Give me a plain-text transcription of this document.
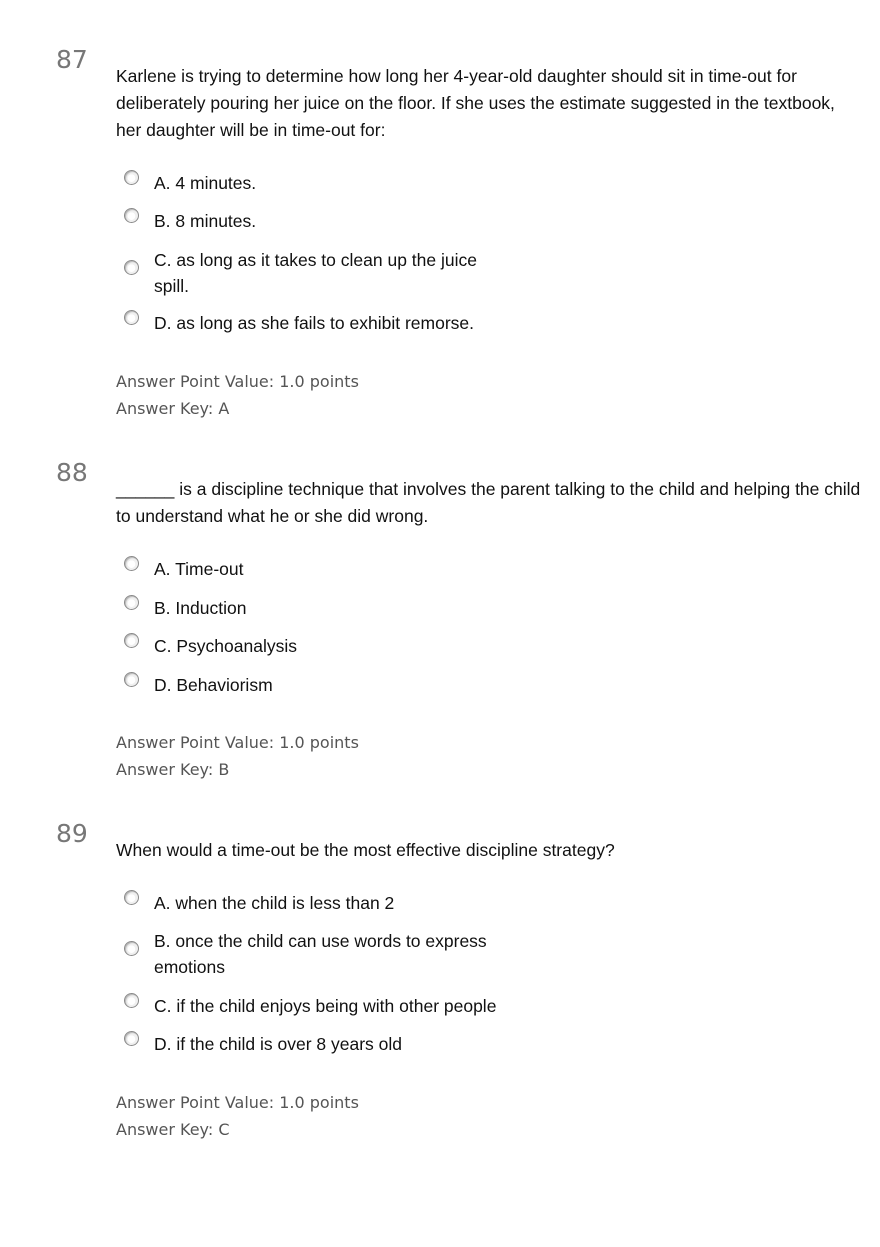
87
Karlene is trying to determine how long her 4-year-old daughter should sit in time-out for deliberately pouring her juice on the floor. If she uses the estimate suggested in the textbook, her daughter will be in time-out for:
A. 4 minutes.
B. 8 minutes.
C. as long as it takes to clean up the juice spill.
D. as long as she fails to exhibit remorse.
Answer Point Value: 1.0 points
Answer Key: A
88
______ is a discipline technique that involves the parent talking to the child and helping the child to understand what he or she did wrong.
A. Time-out
B. Induction
C. Psychoanalysis
D. Behaviorism
Answer Point Value: 1.0 points
Answer Key: B
89
When would a time-out be the most effective discipline strategy?
A. when the child is less than 2
B. once the child can use words to express emotions
C. if the child enjoys being with other people
D. if the child is over 8 years old
Answer Point Value: 1.0 points
Answer Key: C
